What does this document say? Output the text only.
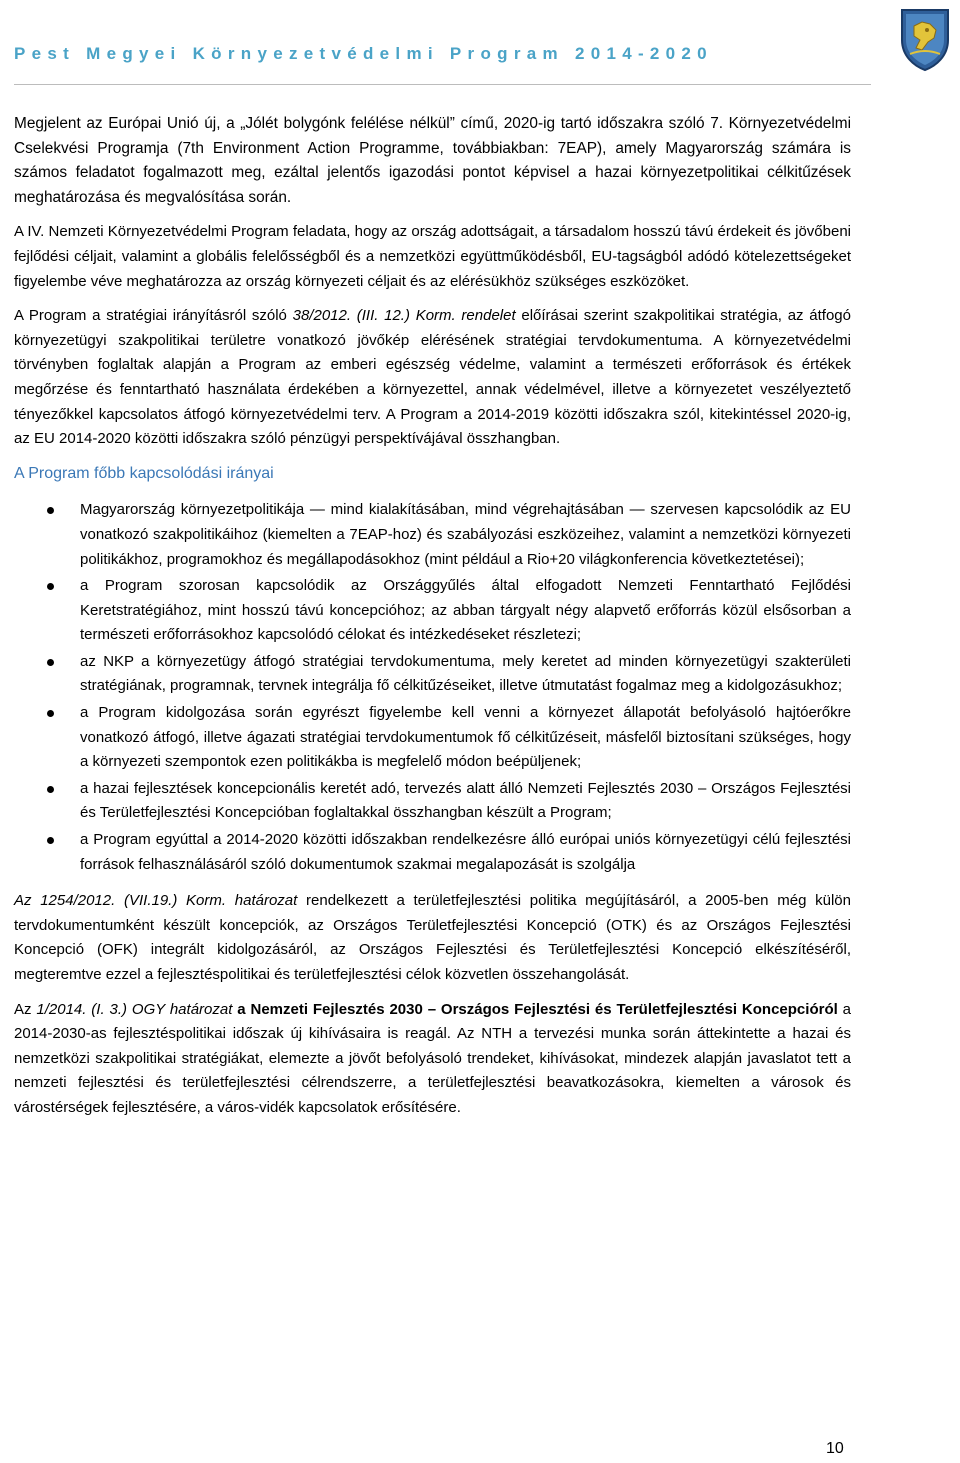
Pest Megyei Környezetvédelmi Program 2014-2020

Megjelent az Európai Unió új, a „Jólét bolygónk felélése nélkül” című, 2020-ig tartó időszakra szóló 7. Környezetvédelmi Cselekvési Programja (7th Environment Action Programme, továbbiakban: 7EAP), amely Magyarország számára is számos feladatot fogalmazott meg, ezáltal jelentős igazodási pontot képvisel a hazai környezetpolitikai célkitűzések meghatározása és megvalósítása során.

A IV. Nemzeti Környezetvédelmi Program feladata, hogy az ország adottságait, a társadalom hosszú távú érdekeit és jövőbeni fejlődési céljait, valamint a globális felelősségből és a nemzetközi együttműködésből, EU-tagságból adódó kötelezettségeket figyelembe véve meghatározza az ország környezeti céljait és az elérésükhöz szükséges eszközöket.

A Program a stratégiai irányításról szóló 38/2012. (III. 12.) Korm. rendelet előírásai szerint szakpolitikai stratégia, az átfogó környezetügyi szakpolitikai területre vonatkozó jövőkép elérésének stratégiai tervdokumentuma. A környezetvédelmi törvényben foglaltak alapján a Program az emberi egészség védelme, valamint a természeti erőforrások és értékek megőrzése és fenntartható használata érdekében a környezettel, annak védelmével, illetve a környezetet veszélyeztető tényezőkkel kapcsolatos átfogó környezetvédelmi terv. A Program a 2014-2019 közötti időszakra szól, kitekintéssel 2020-ig, az EU 2014-2020 közötti időszakra szóló pénzügyi perspektívájával összhangban.

A Program főbb kapcsolódási irányai
Magyarország környezetpolitikája — mind kialakításában, mind végrehajtásában — szervesen kapcsolódik az EU vonatkozó szakpolitikáihoz (kiemelten a 7EAP-hoz) és szabályozási eszközeihez, valamint a nemzetközi környezeti politikákhoz, programokhoz és megállapodásokhoz (mint például a Rio+20 világkonferencia következtetései);
a Program szorosan kapcsolódik az Országgyűlés által elfogadott Nemzeti Fenntartható Fejlődési Keretstratégiához, mint hosszú távú koncepcióhoz; az abban tárgyalt négy alapvető erőforrás közül elsősorban a természeti erőforrásokhoz kapcsolódó célokat és intézkedéseket részletezi;
az NKP a környezetügy átfogó stratégiai tervdokumentuma, mely keretet ad minden környezetügyi szakterületi stratégiának, programnak, tervnek integrálja fő célkitűzéseiket, illetve útmutatást fogalmaz meg a kidolgozásukhoz;
a Program kidolgozása során egyrészt figyelembe kell venni a környezet állapotát befolyásoló hajtóerőkre vonatkozó átfogó, illetve ágazati stratégiai tervdokumentumok fő célkitűzéseit, másfelől biztosítani szükséges, hogy a környezeti szempontok ezen politikákba is megfelelő módon beépüljenek;
a hazai fejlesztések koncepcionális keretét adó, tervezés alatt álló Nemzeti Fejlesztés 2030 – Országos Fejlesztési és Területfejlesztési Koncepcióban foglaltakkal összhangban készült a Program;
a Program egyúttal a 2014-2020 közötti időszakban rendelkezésre álló európai uniós környezetügyi célú fejlesztési források felhasználásáról szóló dokumentumok szakmai megalapozását is szolgálja

Az 1254/2012. (VII.19.) Korm. határozat rendelkezett a területfejlesztési politika megújításáról, a 2005-ben még külön tervdokumentumként készült koncepciók, az Országos Területfejlesztési Koncepció (OTK) és az Országos Fejlesztési Koncepció (OFK) integrált kidolgozásáról, az Országos Fejlesztési és Területfejlesztési Koncepció elkészítéséről, megteremtve ezzel a fejlesztéspolitikai és területfejlesztési célok közvetlen összehangolását.

Az 1/2014. (I. 3.) OGY határozat a Nemzeti Fejlesztés 2030 – Országos Fejlesztési és Területfejlesztési Koncepcióról a 2014-2030-as fejlesztéspolitikai időszak új kihívásaira is reagál. Az NTH a tervezési munka során áttekintette a hazai és nemzetközi szakpolitikai stratégiákat, elemezte a jövőt befolyásoló trendeket, kihívásokat, mindezek alapján javaslatot tett a nemzeti fejlesztési és területfejlesztési célrendszerre, a területfejlesztési beavatkozásokra, kiemelten a városok és várostérségek fejlesztésére, a város-vidék kapcsolatok erősítésére.

10
